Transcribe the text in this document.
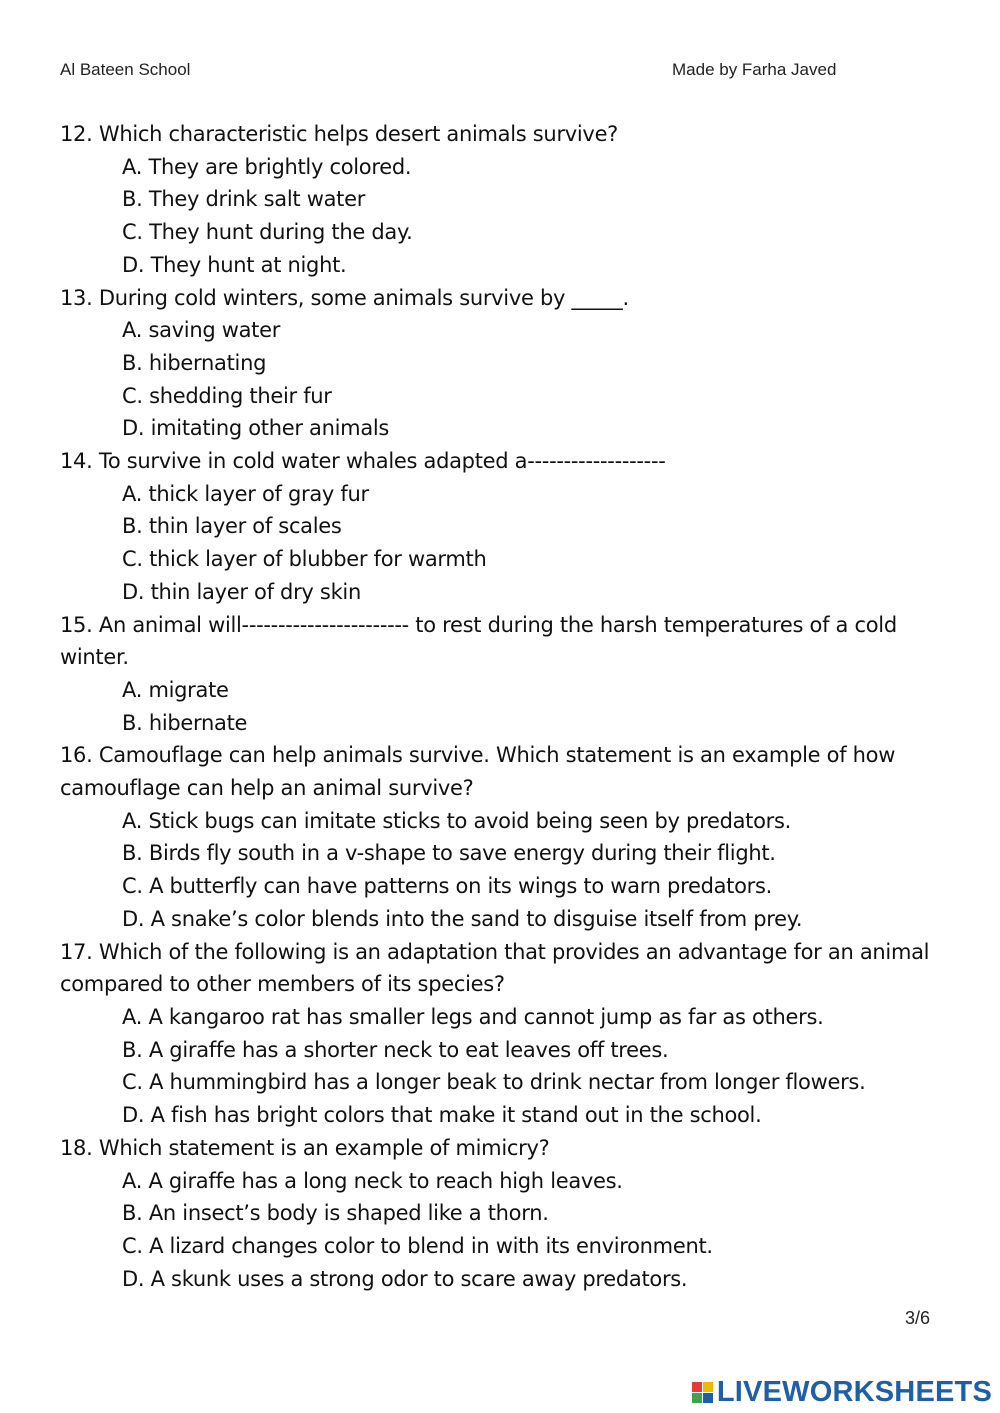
Al Bateen School	Made by Farha Javed
12. Which characteristic helps desert animals survive?
A. They are brightly colored.
B. They drink salt water
C. They hunt during the day.
D. They hunt at night.
13. During cold winters, some animals survive by _____.
A. saving water
B. hibernating
C. shedding their fur
D. imitating other animals
14. To survive in cold water whales adapted a-------------------
A. thick layer of gray fur
B. thin layer of scales
C. thick layer of blubber for warmth
D. thin layer of dry skin
15. An animal will----------------------- to rest during the harsh temperatures of a cold winter.
A. migrate
B. hibernate
16. Camouflage can help animals survive. Which statement is an example of how camouflage can help an animal survive?
A. Stick bugs can imitate sticks to avoid being seen by predators.
B. Birds fly south in a v-shape to save energy during their flight.
C. A butterfly can have patterns on its wings to warn predators.
D. A snake’s color blends into the sand to disguise itself from prey.
17. Which of the following is an adaptation that provides an advantage for an animal compared to other members of its species?
A. A kangaroo rat has smaller legs and cannot jump as far as others.
B. A giraffe has a shorter neck to eat leaves off trees.
C. A hummingbird has a longer beak to drink nectar from longer flowers.
D. A fish has bright colors that make it stand out in the school.
18. Which statement is an example of mimicry?
A. A giraffe has a long neck to reach high leaves.
B. An insect’s body is shaped like a thorn.
C. A lizard changes color to blend in with its environment.
D. A skunk uses a strong odor to scare away predators.
3/6
LIVEWORKSHEETS
